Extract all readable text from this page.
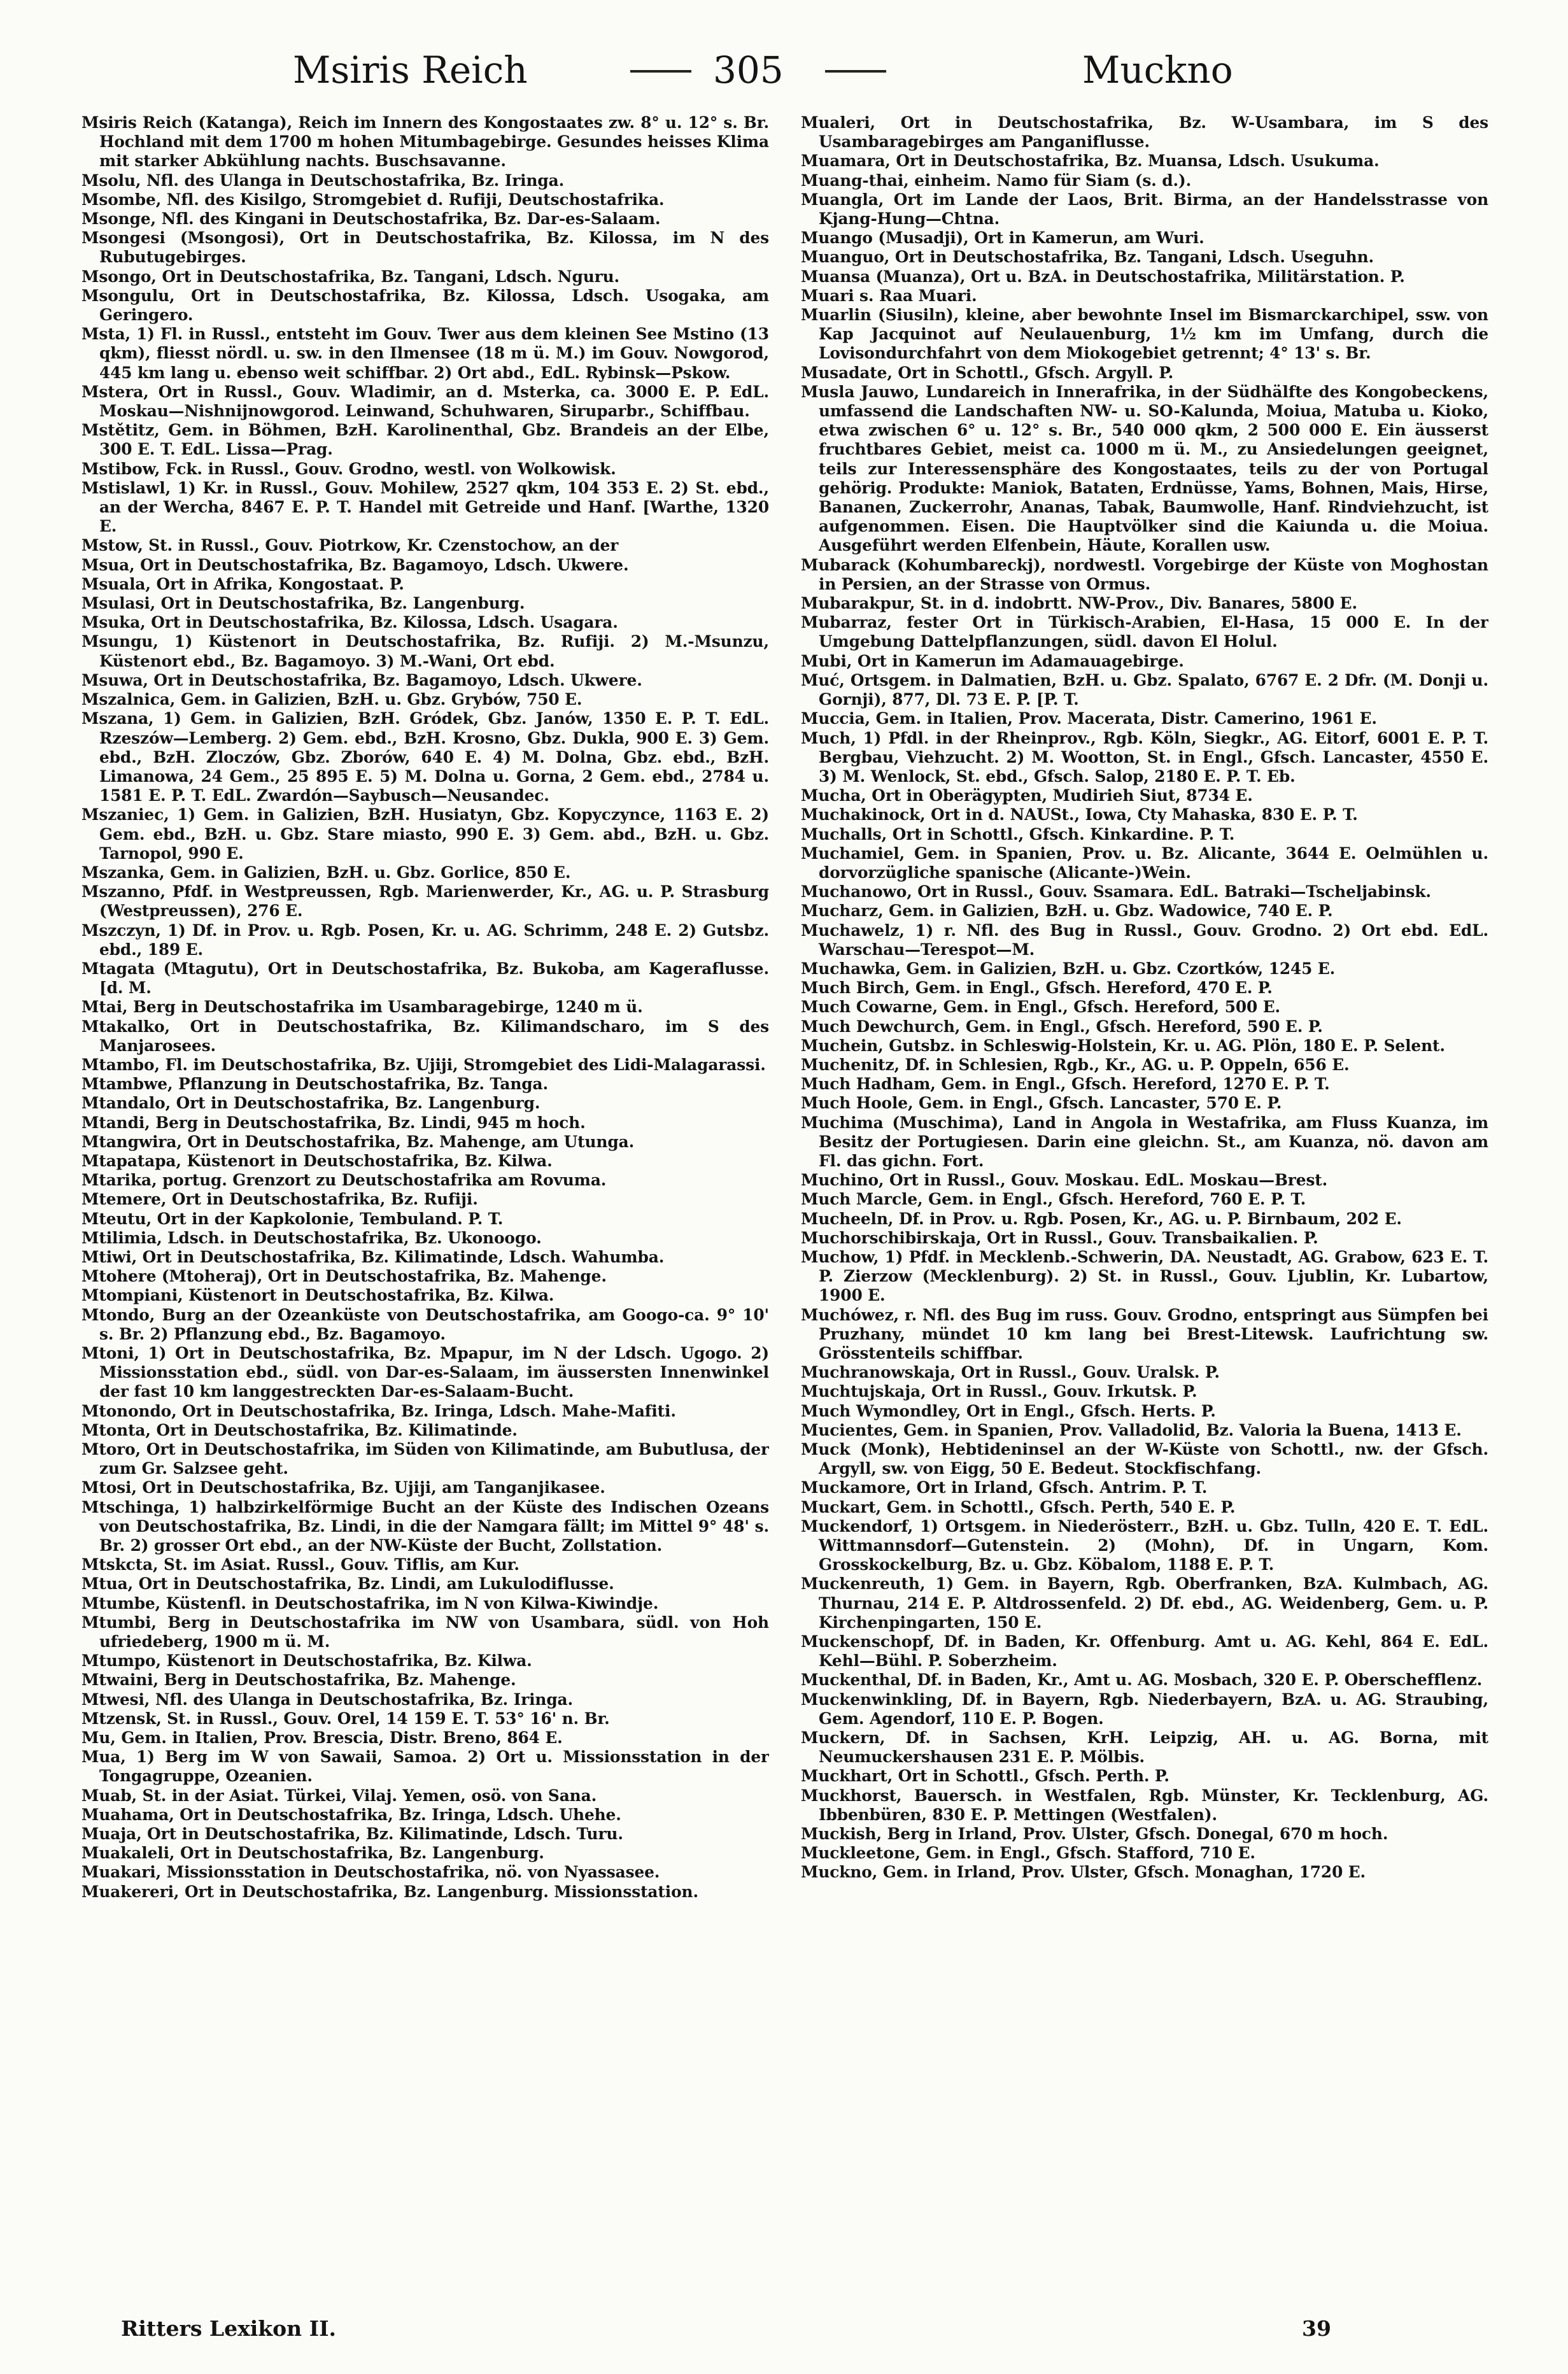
Msiris Reich	305	Muckno

Msiris Reich (Katanga), Reich im Innern des Kongostaates zw. 8° u. 12° s. Br. Hochland mit dem 1700 m hohen Mitumbagebirge. Gesundes heisses Klima mit starker Abkühlung nachts. Buschsavanne.

Msolu, Nfl. des Ulanga in Deutschostafrika, Bz. Iringa.

Msombe, Nfl. des Kisilgo, Stromgebiet d. Rufiji, Deutschostafrika.

Msonge, Nfl. des Kingani in Deutschostafrika, Bz. Dar-es-Salaam.

Msongesi (Msongosi), Ort in Deutschostafrika, Bz. Kilossa, im N des Rubutugebirges.

Msongo, Ort in Deutschostafrika, Bz. Tangani, Ldsch. Nguru.

Msongulu, Ort in Deutschostafrika, Bz. Kilossa, Ldsch. Usogaka, am Geringero.

Msta, 1) Fl. in Russl., entsteht im Gouv. Twer aus dem kleinen See Mstino (13 qkm), fliesst nördl. u. sw. in den Ilmensee (18 m ü. M.) im Gouv. Nowgorod, 445 km lang u. ebenso weit schiffbar. 2) Ort abd., EdL. Rybinsk—Pskow.

Mstera, Ort in Russl., Gouv. Wladimir, an d. Msterka, ca. 3000 E. P. EdL. Moskau—Nishnijnowgorod. Leinwand, Schuhwaren, Siruparbr., Schiffbau.

Mstětitz, Gem. in Böhmen, BzH. Karolinenthal, Gbz. Brandeis an der Elbe, 300 E. T. EdL. Lissa—Prag.

Mstibow, Fck. in Russl., Gouv. Grodno, westl. von Wolkowisk.

Mstislawl, 1) Kr. in Russl., Gouv. Mohilew, 2527 qkm, 104 353 E. 2) St. ebd., an der Wercha, 8467 E. P. T. Handel mit Getreide und Hanf. [Warthe, 1320 E.

Mstow, St. in Russl., Gouv. Piotrkow, Kr. Czenstochow, an der

Msua, Ort in Deutschostafrika, Bz. Bagamoyo, Ldsch. Ukwere.

Msuala, Ort in Afrika, Kongostaat. P.

Msulasi, Ort in Deutschostafrika, Bz. Langenburg.

Msuka, Ort in Deutschostafrika, Bz. Kilossa, Ldsch. Usagara.

Msungu, 1) Küstenort in Deutschostafrika, Bz. Rufiji. 2) M.-Msunzu, Küstenort ebd., Bz. Bagamoyo. 3) M.-Wani, Ort ebd.

Msuwa, Ort in Deutschostafrika, Bz. Bagamoyo, Ldsch. Ukwere.

Mszalnica, Gem. in Galizien, BzH. u. Gbz. Grybów, 750 E.

Mszana, 1) Gem. in Galizien, BzH. Gródek, Gbz. Janów, 1350 E. P. T. EdL. Rzeszów—Lemberg. 2) Gem. ebd., BzH. Krosno, Gbz. Dukla, 900 E. 3) Gem. ebd., BzH. Zloczów, Gbz. Zborów, 640 E. 4) M. Dolna, Gbz. ebd., BzH. Limanowa, 24 Gem., 25 895 E. 5) M. Dolna u. Gorna, 2 Gem. ebd., 2784 u. 1581 E. P. T. EdL. Zwardón—Saybusch—Neusandec.

Mszaniec, 1) Gem. in Galizien, BzH. Husiatyn, Gbz. Kopyczynce, 1163 E. 2) Gem. ebd., BzH. u. Gbz. Stare miasto, 990 E. 3) Gem. abd., BzH. u. Gbz. Tarnopol, 990 E.

Mszanka, Gem. in Galizien, BzH. u. Gbz. Gorlice, 850 E.

Mszanno, Pfdf. in Westpreussen, Rgb. Marienwerder, Kr., AG. u. P. Strasburg (Westpreussen), 276 E.

Mszczyn, 1) Df. in Prov. u. Rgb. Posen, Kr. u. AG. Schrimm, 248 E. 2) Gutsbz. ebd., 189 E.

Mtagata (Mtagutu), Ort in Deutschostafrika, Bz. Bukoba, am Kageraflusse. [d. M.

Mtai, Berg in Deutschostafrika im Usambaragebirge, 1240 m ü.

Mtakalko, Ort in Deutschostafrika, Bz. Kilimandscharo, im S des Manjarosees.

Mtambo, Fl. im Deutschostafrika, Bz. Ujiji, Stromgebiet des Lidi-Malagarassi.

Mtambwe, Pflanzung in Deutschostafrika, Bz. Tanga.

Mtandalo, Ort in Deutschostafrika, Bz. Langenburg.

Mtandi, Berg in Deutschostafrika, Bz. Lindi, 945 m hoch.

Mtangwira, Ort in Deutschostafrika, Bz. Mahenge, am Utunga.

Mtapatapa, Küstenort in Deutschostafrika, Bz. Kilwa.

Mtarika, portug. Grenzort zu Deutschostafrika am Rovuma.

Mtemere, Ort in Deutschostafrika, Bz. Rufiji.

Mteutu, Ort in der Kapkolonie, Tembuland. P. T.

Mtilimia, Ldsch. in Deutschostafrika, Bz. Ukonoogo.

Mtiwi, Ort in Deutschostafrika, Bz. Kilimatinde, Ldsch. Wahumba.

Mtohere (Mtoheraj), Ort in Deutschostafrika, Bz. Mahenge.

Mtompiani, Küstenort in Deutschostafrika, Bz. Kilwa.

Mtondo, Burg an der Ozeanküste von Deutschostafrika, am Googo-ca. 9° 10' s. Br. 2) Pflanzung ebd., Bz. Bagamoyo.

Mtoni, 1) Ort in Deutschostafrika, Bz. Mpapur, im N der Ldsch. Ugogo. 2) Missionsstation ebd., südl. von Dar-es-Salaam, im äussersten Innenwinkel der fast 10 km langgestreckten Dar-es-Salaam-Bucht.

Mtonondo, Ort in Deutschostafrika, Bz. Iringa, Ldsch. Mahe-Mafiti.

Mtonta, Ort in Deutschostafrika, Bz. Kilimatinde.

Mtoro, Ort in Deutschostafrika, im Süden von Kilimatinde, am Bubutlusa, der zum Gr. Salzsee geht.

Mtosi, Ort in Deutschostafrika, Bz. Ujiji, am Tanganjikasee.

Mtschinga, 1) halbzirkelförmige Bucht an der Küste des Indischen Ozeans von Deutschostafrika, Bz. Lindi, in die der Namgara fällt; im Mittel 9° 48' s. Br. 2) grosser Ort ebd., an der NW-Küste der Bucht, Zollstation.

Mtskcta, St. im Asiat. Russl., Gouv. Tiflis, am Kur.

Mtua, Ort in Deutschostafrika, Bz. Lindi, am Lukulodiflusse.

Mtumbe, Küstenfl. in Deutschostafrika, im N von Kilwa-Kiwindje.

Mtumbi, Berg in Deutschostafrika im NW von Usambara, südl. von Hoh ufriedeberg, 1900 m ü. M.

Mtumpo, Küstenort in Deutschostafrika, Bz. Kilwa.

Mtwaini, Berg in Deutschostafrika, Bz. Mahenge.

Mtwesi, Nfl. des Ulanga in Deutschostafrika, Bz. Iringa.

Mtzensk, St. in Russl., Gouv. Orel, 14 159 E. T. 53° 16' n. Br.

Mu, Gem. in Italien, Prov. Brescia, Distr. Breno, 864 E.

Mua, 1) Berg im W von Sawaii, Samoa. 2) Ort u. Missionsstation in der Tongagruppe, Ozeanien.

Muab, St. in der Asiat. Türkei, Vilaj. Yemen, osö. von Sana.

Muahama, Ort in Deutschostafrika, Bz. Iringa, Ldsch. Uhehe.

Muaja, Ort in Deutschostafrika, Bz. Kilimatinde, Ldsch. Turu.

Muakaleli, Ort in Deutschostafrika, Bz. Langenburg.

Muakari, Missionsstation in Deutschostafrika, nö. von Nyassasee.

Muakereri, Ort in Deutschostafrika, Bz. Langenburg. Missionsstation.

Mualeri, Ort in Deutschostafrika, Bz. W-Usambara, im S des Usambaragebirges am Panganiflusse.

Muamara, Ort in Deutschostafrika, Bz. Muansa, Ldsch. Usukuma.

Muang-thai, einheim. Namo für Siam (s. d.).

Muangla, Ort im Lande der Laos, Brit. Birma, an der Handelsstrasse von Kjang-Hung—Chtna.

Muango (Musadji), Ort in Kamerun, am Wuri.

Muanguo, Ort in Deutschostafrika, Bz. Tangani, Ldsch. Useguhn.

Muansa (Muanza), Ort u. BzA. in Deutschostafrika, Militärstation. P.

Muari s. Raa Muari.

Muarlin (Siusiln), kleine, aber bewohnte Insel im Bismarckarchipel, ssw. von Kap Jacquinot auf Neulauenburg, 1½ km im Umfang, durch die Lovisondurchfahrt von dem Miokogebiet getrennt; 4° 13' s. Br.

Musadate, Ort in Schottl., Gfsch. Argyll. P.

Musla Jauwo, Lundareich in Innerafrika, in der Südhälfte des Kongobeckens, umfassend die Landschaften NW- u. SO-Kalunda, Moiua, Matuba u. Kioko, etwa zwischen 6° u. 12° s. Br., 540 000 qkm, 2 500 000 E. Ein äusserst fruchtbares Gebiet, meist ca. 1000 m ü. M., zu Ansiedelungen geeignet, teils zur Interessensphäre des Kongostaates, teils zu der von Portugal gehörig. Produkte: Maniok, Bataten, Erdnüsse, Yams, Bohnen, Mais, Hirse, Bananen, Zuckerrohr, Ananas, Tabak, Baumwolle, Hanf. Rindviehzucht, ist aufgenommen. Eisen. Die Hauptvölker sind die Kaiunda u. die Moiua. Ausgeführt werden Elfenbein, Häute, Korallen usw.

Mubarack (Kohumbareckj), nordwestl. Vorgebirge der Küste von Moghostan in Persien, an der Strasse von Ormus.

Mubarakpur, St. in d. indobrtt. NW-Prov., Div. Banares, 5800 E.

Mubarraz, fester Ort in Türkisch-Arabien, El-Hasa, 15 000 E. In der Umgebung Dattelpflanzungen, südl. davon El Holul.

Mubi, Ort in Kamerun im Adamauagebirge.

Muć, Ortsgem. in Dalmatien, BzH. u. Gbz. Spalato, 6767 E. 2 Dfr. (M. Donji u. Gornji), 877, Dl. 73 E. P. [P. T.

Muccia, Gem. in Italien, Prov. Macerata, Distr. Camerino, 1961 E.

Much, 1) Pfdl. in der Rheinprov., Rgb. Köln, Siegkr., AG. Eitorf, 6001 E. P. T. Bergbau, Viehzucht. 2) M. Wootton, St. in Engl., Gfsch. Lancaster, 4550 E. 3) M. Wenlock, St. ebd., Gfsch. Salop, 2180 E. P. T. Eb.

Mucha, Ort in Oberägypten, Mudirieh Siut, 8734 E.

Muchakinock, Ort in d. NAUSt., Iowa, Cty Mahaska, 830 E. P. T.

Muchalls, Ort in Schottl., Gfsch. Kinkardine. P. T.

Muchamiel, Gem. in Spanien, Prov. u. Bz. Alicante, 3644 E. Oelmühlen u. dorvorzügliche spanische (Alicante-)Wein.

Muchanowo, Ort in Russl., Gouv. Ssamara. EdL. Batraki—Tscheljabinsk.

Mucharz, Gem. in Galizien, BzH. u. Gbz. Wadowice, 740 E. P.

Muchawelz, 1) r. Nfl. des Bug in Russl., Gouv. Grodno. 2) Ort ebd. EdL. Warschau—Terespot—M.

Muchawka, Gem. in Galizien, BzH. u. Gbz. Czortków, 1245 E.

Much Birch, Gem. in Engl., Gfsch. Hereford, 470 E. P.

Much Cowarne, Gem. in Engl., Gfsch. Hereford, 500 E.

Much Dewchurch, Gem. in Engl., Gfsch. Hereford, 590 E. P.

Muchein, Gutsbz. in Schleswig-Holstein, Kr. u. AG. Plön, 180 E. P. Selent.

Muchenitz, Df. in Schlesien, Rgb., Kr., AG. u. P. Oppeln, 656 E.

Much Hadham, Gem. in Engl., Gfsch. Hereford, 1270 E. P. T.

Much Hoole, Gem. in Engl., Gfsch. Lancaster, 570 E. P.

Muchima (Muschima), Land in Angola in Westafrika, am Fluss Kuanza, im Besitz der Portugiesen. Darin eine gleichn. St., am Kuanza, nö. davon am Fl. das gichn. Fort.

Muchino, Ort in Russl., Gouv. Moskau. EdL. Moskau—Brest.

Much Marcle, Gem. in Engl., Gfsch. Hereford, 760 E. P. T.

Mucheeln, Df. in Prov. u. Rgb. Posen, Kr., AG. u. P. Birnbaum, 202 E.

Muchorschibirskaja, Ort in Russl., Gouv. Transbaikalien. P.

Muchow, 1) Pfdf. in Mecklenb.-Schwerin, DA. Neustadt, AG. Grabow, 623 E. T. P. Zierzow (Mecklenburg). 2) St. in Russl., Gouv. Ljublin, Kr. Lubartow, 1900 E.

Muchówez, r. Nfl. des Bug im russ. Gouv. Grodno, entspringt aus Sümpfen bei Pruzhany, mündet 10 km lang bei Brest-Litewsk. Laufrichtung sw. Grösstenteils schiffbar.

Muchranowskaja, Ort in Russl., Gouv. Uralsk. P.

Muchtujskaja, Ort in Russl., Gouv. Irkutsk. P.

Much Wymondley, Ort in Engl., Gfsch. Herts. P.

Mucientes, Gem. in Spanien, Prov. Valladolid, Bz. Valoria la Buena, 1413 E.

Muck (Monk), Hebtideninsel an der W-Küste von Schottl., nw. der Gfsch. Argyll, sw. von Eigg, 50 E. Bedeut. Stockfischfang.

Muckamore, Ort in Irland, Gfsch. Antrim. P. T.

Muckart, Gem. in Schottl., Gfsch. Perth, 540 E. P.

Muckendorf, 1) Ortsgem. in Niederösterr., BzH. u. Gbz. Tulln, 420 E. T. EdL. Wittmannsdorf—Gutenstein. 2) (Mohn), Df. in Ungarn, Kom. Grosskockelburg, Bz. u. Gbz. Köbalom, 1188 E. P. T.

Muckenreuth, 1) Gem. in Bayern, Rgb. Oberfranken, BzA. Kulmbach, AG. Thurnau, 214 E. P. Altdrossenfeld. 2) Df. ebd., AG. Weidenberg, Gem. u. P. Kirchenpingarten, 150 E.

Muckenschopf, Df. in Baden, Kr. Offenburg. Amt u. AG. Kehl, 864 E. EdL. Kehl—Bühl. P. Soberzheim.

Muckenthal, Df. in Baden, Kr., Amt u. AG. Mosbach, 320 E. P. Oberschefflenz.

Muckenwinkling, Df. in Bayern, Rgb. Niederbayern, BzA. u. AG. Straubing, Gem. Agendorf, 110 E. P. Bogen.

Muckern, Df. in Sachsen, KrH. Leipzig, AH. u. AG. Borna, mit Neumuckershausen 231 E. P. Mölbis.

Muckhart, Ort in Schottl., Gfsch. Perth. P.

Muckhorst, Bauersch. in Westfalen, Rgb. Münster, Kr. Tecklenburg, AG. Ibbenbüren, 830 E. P. Mettingen (Westfalen).

Muckish, Berg in Irland, Prov. Ulster, Gfsch. Donegal, 670 m hoch.

Muckleetone, Gem. in Engl., Gfsch. Stafford, 710 E.

Muckno, Gem. in Irland, Prov. Ulster, Gfsch. Monaghan, 1720 E.

Ritters Lexikon II.	39
